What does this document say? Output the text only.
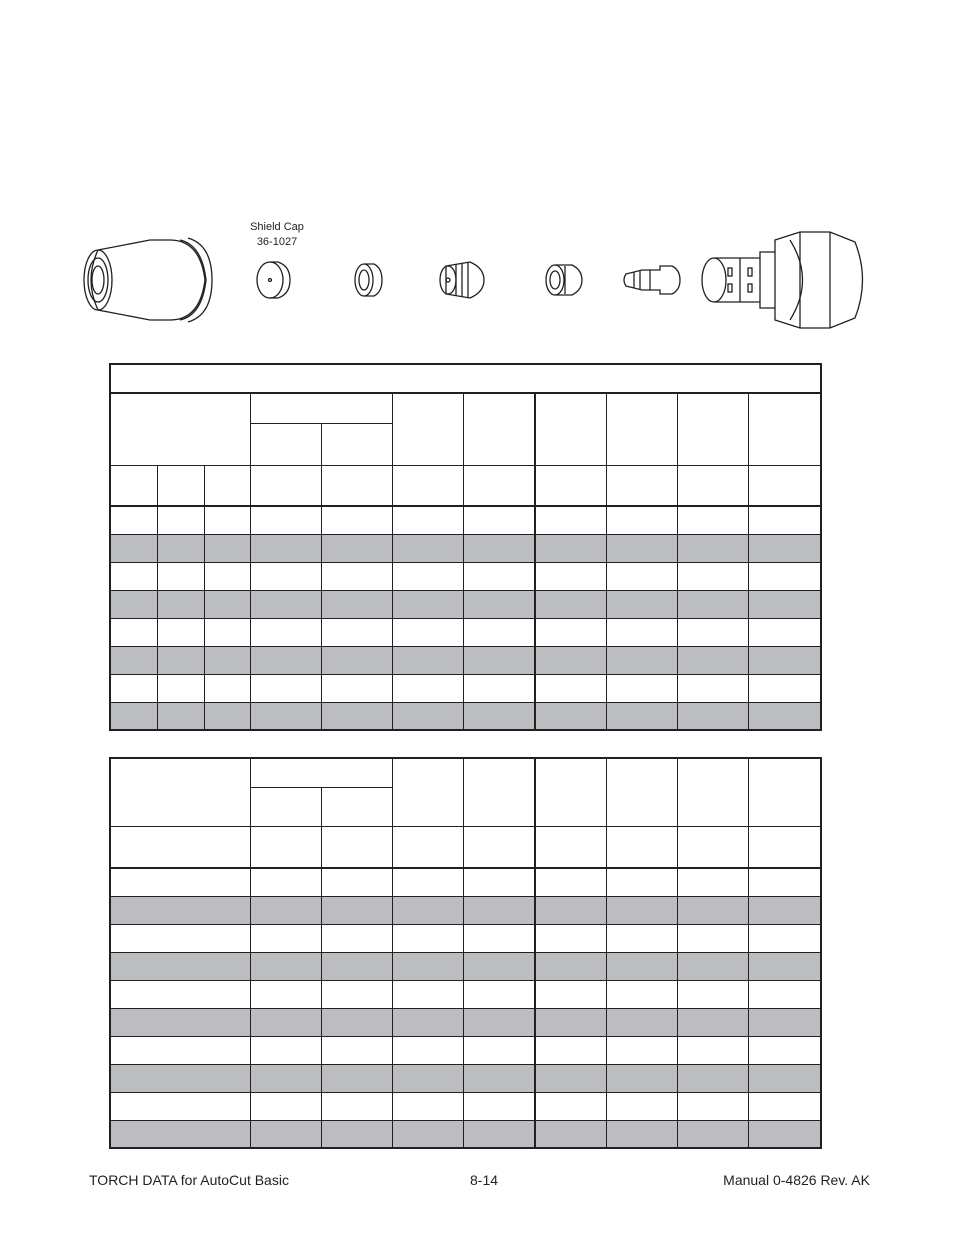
Shield Cap
36-1027

TORCH DATA for AutoCut Basic	8-14	Manual 0-4826 Rev. AK
